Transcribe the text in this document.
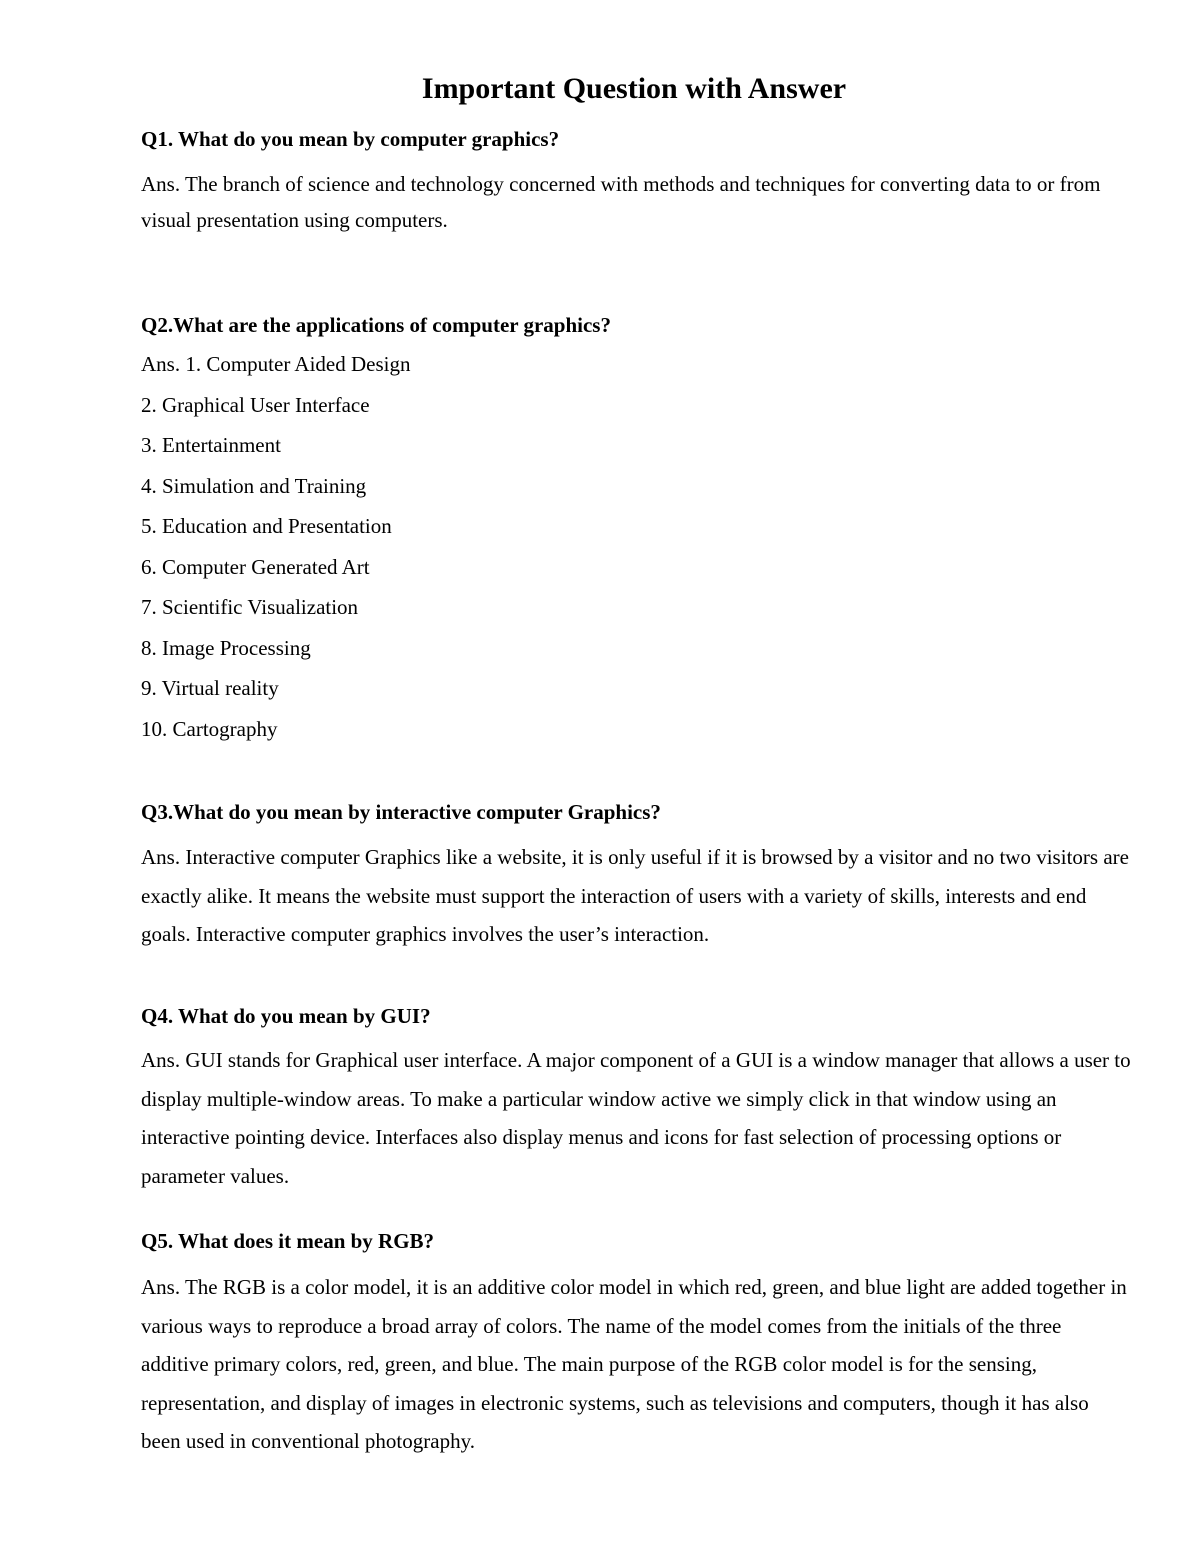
Important Question with Answer

Q1. What do you mean by computer graphics?

Ans. The branch of science and technology concerned with methods and techniques for converting data to or from visual presentation using computers.

Q2.What are the applications of computer graphics?

Ans. 1. Computer Aided Design

2. Graphical User Interface

3. Entertainment

4. Simulation and Training

5. Education and Presentation

6. Computer Generated Art

7. Scientific Visualization

8. Image Processing

9. Virtual reality

10. Cartography

Q3.What do you mean by interactive computer Graphics?

Ans. Interactive computer Graphics like a website, it is only useful if it is browsed by a visitor and no two visitors are exactly alike. It means the website must support the interaction of users with a variety of skills, interests and end goals. Interactive computer graphics involves the user’s interaction.

Q4. What do you mean by GUI?

Ans. GUI stands for Graphical user interface. A major component of a GUI is a window manager that allows a user to display multiple-window areas. To make a particular window active we simply click in that window using an interactive pointing device. Interfaces also display menus and icons for fast selection of processing options or parameter values.

Q5. What does it mean by RGB?

Ans. The RGB is a color model, it is an additive color model in which red, green, and blue light are added together in various ways to reproduce a broad array of colors. The name of the model comes from the initials of the three additive primary colors, red, green, and blue. The main purpose of the RGB color model is for the sensing, representation, and display of images in electronic systems, such as televisions and computers, though it has also been used in conventional photography.
